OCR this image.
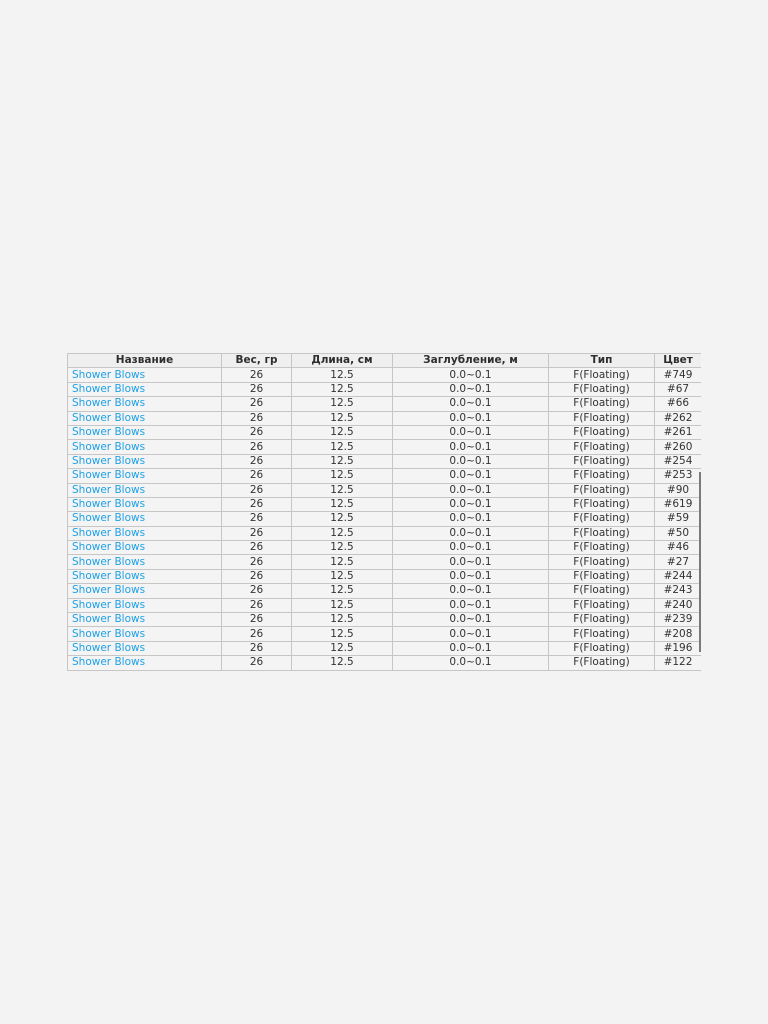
Название	Вес, гр	Длина, см	Заглубление, м	Тип	Цвет
Shower Blows	26	12.5	0.0~0.1	F(Floating)	#749
Shower Blows	26	12.5	0.0~0.1	F(Floating)	#67
Shower Blows	26	12.5	0.0~0.1	F(Floating)	#66
Shower Blows	26	12.5	0.0~0.1	F(Floating)	#262
Shower Blows	26	12.5	0.0~0.1	F(Floating)	#261
Shower Blows	26	12.5	0.0~0.1	F(Floating)	#260
Shower Blows	26	12.5	0.0~0.1	F(Floating)	#254
Shower Blows	26	12.5	0.0~0.1	F(Floating)	#253
Shower Blows	26	12.5	0.0~0.1	F(Floating)	#90
Shower Blows	26	12.5	0.0~0.1	F(Floating)	#619
Shower Blows	26	12.5	0.0~0.1	F(Floating)	#59
Shower Blows	26	12.5	0.0~0.1	F(Floating)	#50
Shower Blows	26	12.5	0.0~0.1	F(Floating)	#46
Shower Blows	26	12.5	0.0~0.1	F(Floating)	#27
Shower Blows	26	12.5	0.0~0.1	F(Floating)	#244
Shower Blows	26	12.5	0.0~0.1	F(Floating)	#243
Shower Blows	26	12.5	0.0~0.1	F(Floating)	#240
Shower Blows	26	12.5	0.0~0.1	F(Floating)	#239
Shower Blows	26	12.5	0.0~0.1	F(Floating)	#208
Shower Blows	26	12.5	0.0~0.1	F(Floating)	#196
Shower Blows	26	12.5	0.0~0.1	F(Floating)	#122
